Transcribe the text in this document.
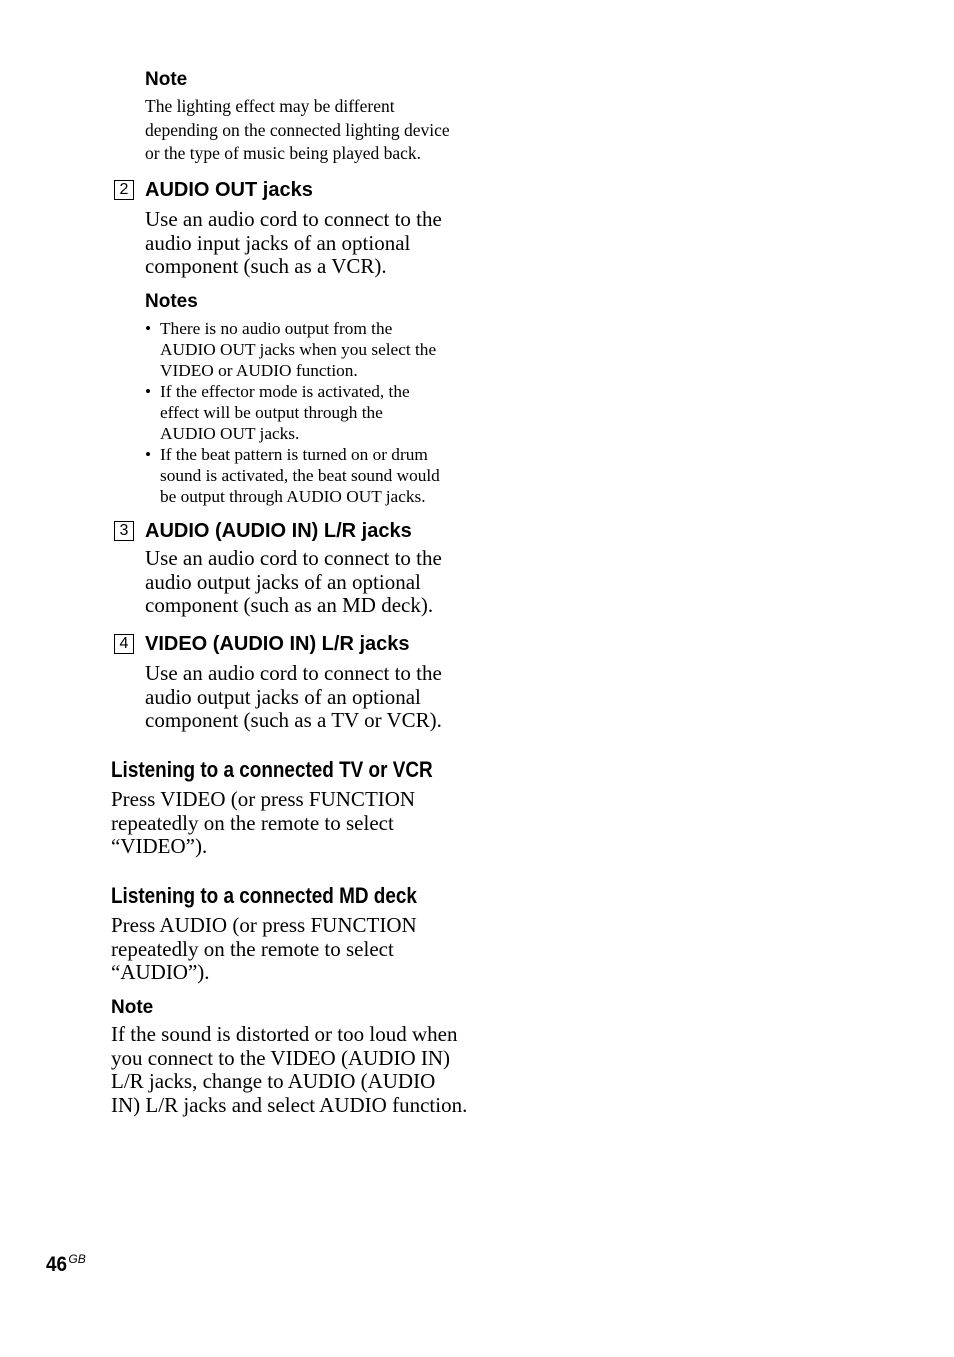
Note
The lighting effect may be different
depending on the connected lighting device
or the type of music being played back.
2 AUDIO OUT jacks
Use an audio cord to connect to the
audio input jacks of an optional
component (such as a VCR).
Notes
• There is no audio output from the
AUDIO OUT jacks when you select the
VIDEO or AUDIO function.
• If the effector mode is activated, the
effect will be output through the
AUDIO OUT jacks.
• If the beat pattern is turned on or drum
sound is activated, the beat sound would
be output through AUDIO OUT jacks.
3 AUDIO (AUDIO IN) L/R jacks
Use an audio cord to connect to the
audio output jacks of an optional
component (such as an MD deck).
4 VIDEO (AUDIO IN) L/R jacks
Use an audio cord to connect to the
audio output jacks of an optional
component (such as a TV or VCR).
Listening to a connected TV or VCR
Press VIDEO (or press FUNCTION
repeatedly on the remote to select
“VIDEO”).
Listening to a connected MD deck
Press AUDIO (or press FUNCTION
repeatedly on the remote to select
“AUDIO”).
Note
If the sound is distorted or too loud when
you connect to the VIDEO (AUDIO IN)
L/R jacks, change to AUDIO (AUDIO
IN) L/R jacks and select AUDIO function.
$46^{GB}$
